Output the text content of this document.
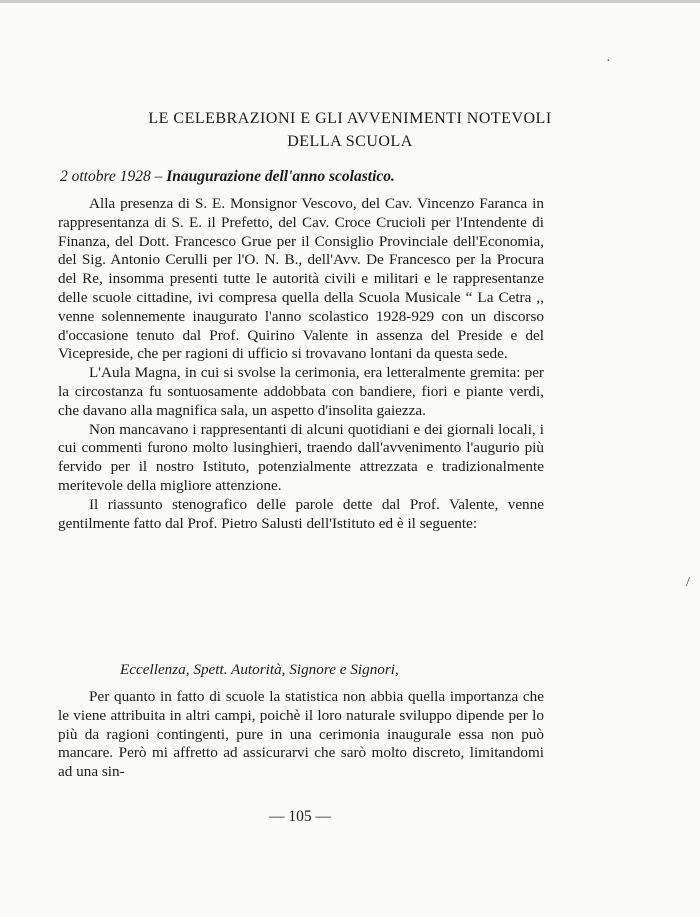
LE CELEBRAZIONI E GLI AVVENIMENTI NOTEVOLI
DELLA SCUOLA
2 ottobre 1928 – Inaugurazione dell'anno scolastico.

Alla presenza di S. E. Monsignor Vescovo, del Cav. Vincenzo Faranca in rappresentanza di S. E. il Prefetto, del Cav. Croce Crucioli per l'Intendente di Finanza, del Dott. Francesco Grue per il Consiglio Provinciale dell'Economia, del Sig. Antonio Cerulli per l'O. N. B., dell'Avv. De Francesco per la Procura del Re, insomma presenti tutte le autorità civili e militari e le rappresentanze delle scuole cittadine, ivi compresa quella della Scuola Musicale “ La Cetra ,, venne solennemente inaugurato l'anno scolastico 1928-929 con un discorso d'occasione tenuto dal Prof. Quirino Valente in assenza del Preside e del Vicepreside, che per ragioni di ufficio si trovavano lontani da questa sede.

L'Aula Magna, in cui si svolse la cerimonia, era letteralmente gremita: per la circostanza fu sontuosamente addobbata con bandiere, fiori e piante verdi, che davano alla magnifica sala, un aspetto d'insolita gaiezza.

Non mancavano i rappresentanti di alcuni quotidiani e dei giornali locali, i cui commenti furono molto lusinghieri, traendo dall'avvenimento l'augurio più fervido per il nostro Istituto, potenzialmente attrezzata e tradizionalmente meritevole della migliore attenzione.

Il riassunto stenografico delle parole dette dal Prof. Valente, venne gentilmente fatto dal Prof. Pietro Salusti dell'Istituto ed è il seguente:

Eccellenza, Spett. Autorità, Signore e Signori,

Per quanto in fatto di scuole la statistica non abbia quella importanza che le viene attribuita in altri campi, poichè il loro naturale sviluppo dipende per lo più da ragioni contingenti, pure in una cerimonia inaugurale essa non può mancare. Però mi affretto ad assicurarvi che sarò molto discreto, limitandomi ad una sin-

— 105 —
·
/
